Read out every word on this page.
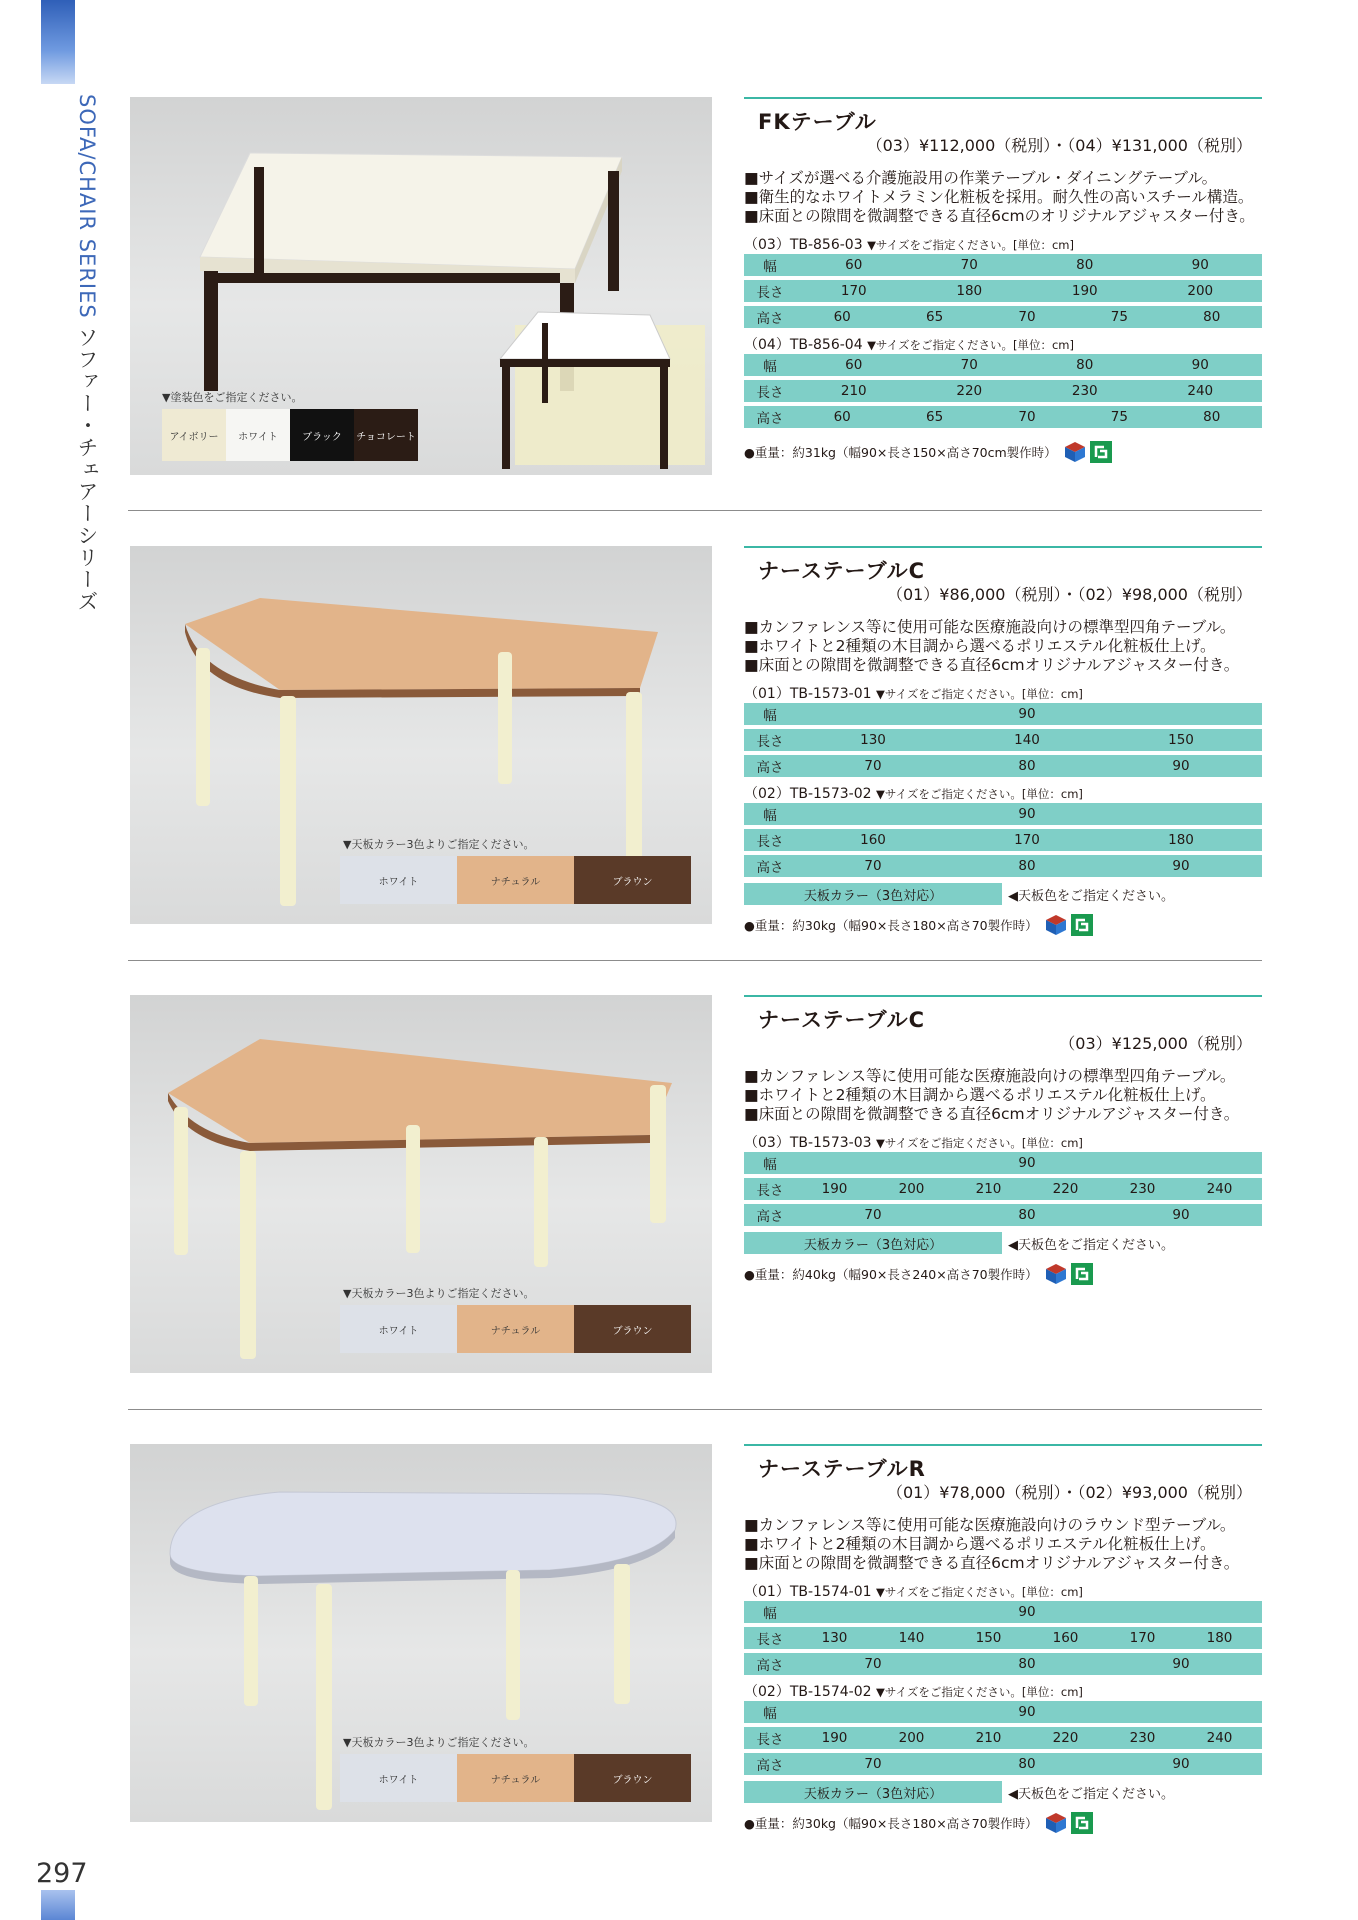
SOFA/CHAIR SERIES ソファー・チェアーシリーズ
297
▼塗装色をご指定ください。
アイボリー	ホワイト	ブラック	チョコレート
FKテーブル
（03）¥112,000（税別）・（04）¥131,000（税別）
■サイズが選べる介護施設用の作業テーブル・ダイニングテーブル。
■衛生的なホワイトメラミン化粧板を採用。耐久性の高いスチール構造。
■床面との隙間を微調整できる直径6cmのオリジナルアジャスター付き。
（03）TB-856-03 ▼サイズをご指定ください。[単位：cm]
幅	60	70	80	90
長さ	170	180	190	200
高さ	60	65	70	75	80
（04）TB-856-04 ▼サイズをご指定ください。[単位：cm]
幅	60	70	80	90
長さ	210	220	230	240
高さ	60	65	70	75	80
●重量：約31kg（幅90×長さ150×高さ70cm製作時）
▼天板カラー3色よりご指定ください。
ホワイト	ナチュラル	ブラウン
ナーステーブルC
（01）¥86,000（税別）・（02）¥98,000（税別）
■カンファレンス等に使用可能な医療施設向けの標準型四角テーブル。
■ホワイトと2種類の木目調から選べるポリエステル化粧板仕上げ。
■床面との隙間を微調整できる直径6cmオリジナルアジャスター付き。
（01）TB-1573-01 ▼サイズをご指定ください。[単位：cm]
幅	90
長さ	130	140	150
高さ	70	80	90
（02）TB-1573-02 ▼サイズをご指定ください。[単位：cm]
幅	90
長さ	160	170	180
高さ	70	80	90
天板カラー（3色対応）	◀天板色をご指定ください。
●重量：約30kg（幅90×長さ180×高さ70製作時）
▼天板カラー3色よりご指定ください。
ホワイト	ナチュラル	ブラウン
ナーステーブルC
（03）¥125,000（税別）
■カンファレンス等に使用可能な医療施設向けの標準型四角テーブル。
■ホワイトと2種類の木目調から選べるポリエステル化粧板仕上げ。
■床面との隙間を微調整できる直径6cmオリジナルアジャスター付き。
（03）TB-1573-03 ▼サイズをご指定ください。[単位：cm]
幅	90
長さ	190	200	210	220	230	240
高さ	70	80	90
天板カラー（3色対応）	◀天板色をご指定ください。
●重量：約40kg（幅90×長さ240×高さ70製作時）
▼天板カラー3色よりご指定ください。
ホワイト	ナチュラル	ブラウン
ナーステーブルR
（01）¥78,000（税別）・（02）¥93,000（税別）
■カンファレンス等に使用可能な医療施設向けのラウンド型テーブル。
■ホワイトと2種類の木目調から選べるポリエステル化粧板仕上げ。
■床面との隙間を微調整できる直径6cmオリジナルアジャスター付き。
（01）TB-1574-01 ▼サイズをご指定ください。[単位：cm]
幅	90
長さ	130	140	150	160	170	180
高さ	70	80	90
（02）TB-1574-02 ▼サイズをご指定ください。[単位：cm]
幅	90
長さ	190	200	210	220	230	240
高さ	70	80	90
天板カラー（3色対応）	◀天板色をご指定ください。
●重量：約30kg（幅90×長さ180×高さ70製作時）
